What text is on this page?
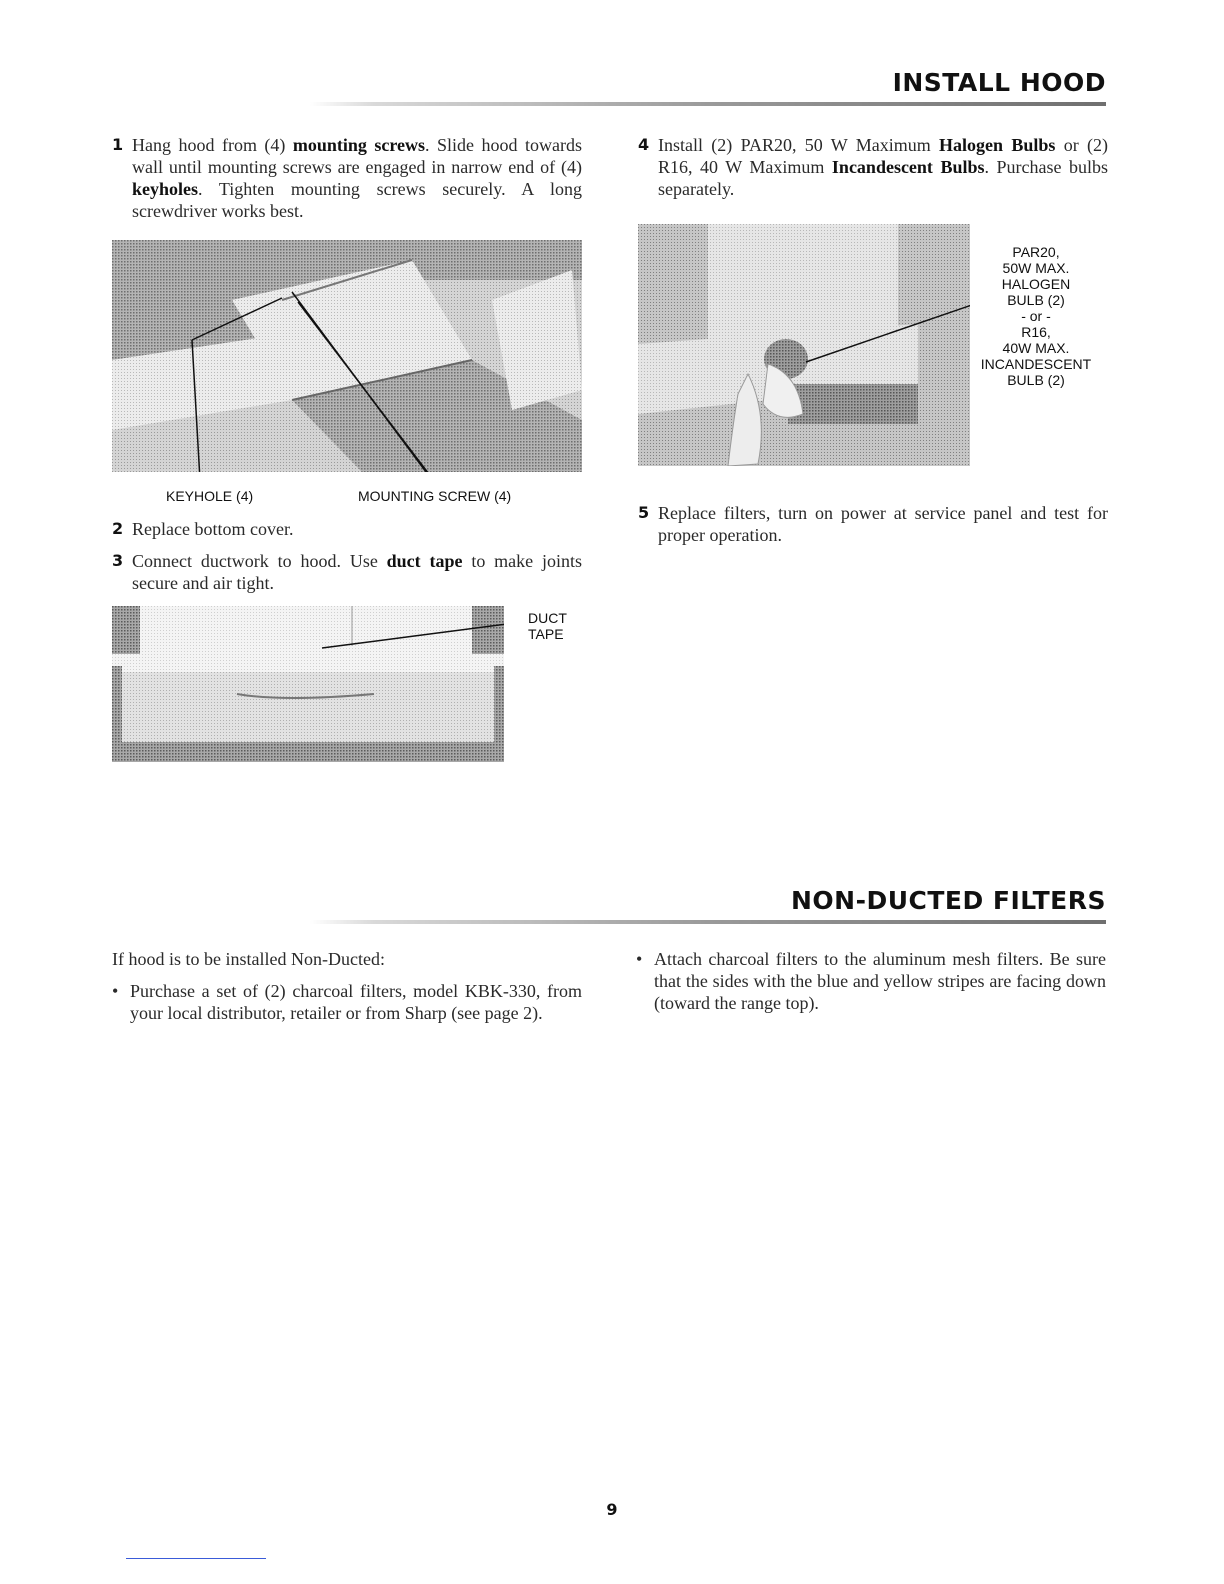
INSTALL HOOD
1 Hang hood from (4) mounting screws. Slide hood towards wall until mounting screws are engaged in narrow end of (4) keyholes. Tighten mounting screws securely. A long screwdriver works best.
KEYHOLE (4)	MOUNTING SCREW (4)
2 Replace bottom cover.
3 Connect ductwork to hood. Use duct tape to make joints secure and air tight.
DUCT
TAPE
4 Install (2) PAR20, 50 W Maximum Halogen Bulbs or (2) R16, 40 W Maximum Incandescent Bulbs. Purchase bulbs separately.
PAR20,
50W MAX.
HALOGEN
BULB (2)
- or -
R16,
40W MAX.
INCANDESCENT
BULB (2)
5 Replace filters, turn on power at service panel and test for proper operation.
NON-DUCTED FILTERS
If hood is to be installed Non-Ducted:
• Purchase a set of (2) charcoal filters, model KBK-330, from your local distributor, retailer or from Sharp (see page 2).
• Attach charcoal filters to the aluminum mesh filters. Be sure that the sides with the blue and yellow stripes are facing down (toward the range top).
9
